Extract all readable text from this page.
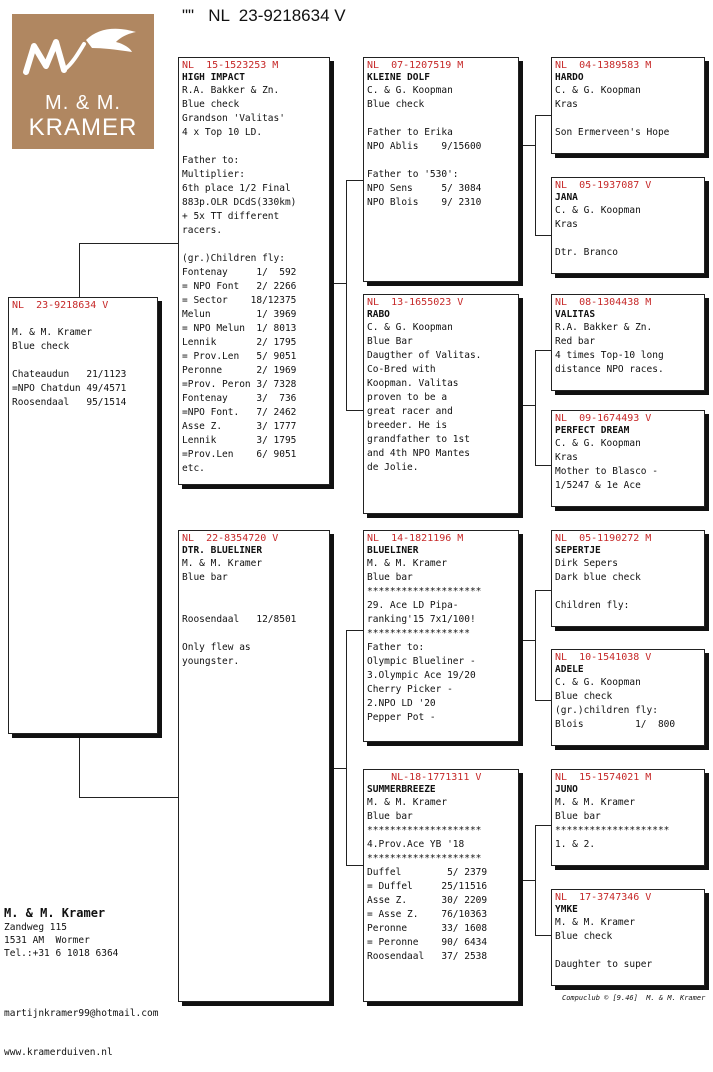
""   NL  23-9218634 V
M. & M.
KRAMER
NL  23-9218634 V
M. & M. Kramer
Blue check
Chateaudun   21/1123
=NPO Chatdun 49/4571
Roosendaal   95/1514
NL  15-1523253 M
HIGH IMPACT
R.A. Bakker & Zn.
Blue check
Grandson 'Valitas'
4 x Top 10 LD.
Father to:
Multiplier:
6th place 1/2 Final
883p.OLR DCdS(330km)
+ 5x TT different
racers.
(gr.)Children fly:
Fontenay     1/  592
= NPO Font   2/ 2266
= Sector    18/12375
Melun        1/ 3969
= NPO Melun  1/ 8013
Lennik       2/ 1795
= Prov.Len   5/ 9051
Peronne      2/ 1969
=Prov. Peron 3/ 7328
Fontenay     3/  736
=NPO Font.   7/ 2462
Asse Z.      3/ 1777
Lennik       3/ 1795
=Prov.Len    6/ 9051
etc.
NL  22-8354720 V
DTR. BLUELINER
M. & M. Kramer
Blue bar
Roosendaal   12/8501
Only flew as
youngster.
NL  07-1207519 M
KLEINE DOLF
C. & G. Koopman
Blue check
Father to Erika
NPO Ablis    9/15600
Father to '530':
NPO Sens     5/ 3084
NPO Blois    9/ 2310
NL  13-1655023 V
RABO
C. & G. Koopman
Blue Bar
Daugther of Valitas.
Co-Bred with
Koopman. Valitas
proven to be a
great racer and
breeder. He is
grandfather to 1st
and 4th NPO Mantes
de Jolie.
NL  14-1821196 M
BLUELINER
M. & M. Kramer
Blue bar
********************
29. Ace LD Pipa-
ranking'15 7x1/100!
******************
Father to:
Olympic Blueliner -
3.Olympic Ace 19/20
Cherry Picker -
2.NPO LD '20
Pepper Pot -
NL-18-1771311 V
SUMMERBREEZE
M. & M. Kramer
Blue bar
********************
4.Prov.Ace YB '18
********************
Duffel        5/ 2379
= Duffel     25/11516
Asse Z.      30/ 2209
= Asse Z.    76/10363
Peronne      33/ 1608
= Peronne    90/ 6434
Roosendaal   37/ 2538
NL  04-1389583 M
HARDO
C. & G. Koopman
Kras
Son Ermerveen's Hope
NL  05-1937087 V
JANA
C. & G. Koopman
Kras
Dtr. Branco
NL  08-1304438 M
VALITAS
R.A. Bakker & Zn.
Red bar
4 times Top-10 long
distance NPO races.
NL  09-1674493 V
PERFECT DREAM
C. & G. Koopman
Kras
Mother to Blasco -
1/5247 & 1e Ace
NL  05-1190272 M
SEPERTJE
Dirk Sepers
Dark blue check
Children fly:
NL  10-1541038 V
ADELE
C. & G. Koopman
Blue check
(gr.)children fly:
Blois         1/  800
NL  15-1574021 M
JUNO
M. & M. Kramer
Blue bar
********************
1. & 2.
NL  17-3747346 V
YMKE
M. & M. Kramer
Blue check
Daughter to super
M. & M. Kramer
Zandweg 115
1531 AM  Wormer
Tel.:+31 6 1018 6364

martijnkramer99@hotmail.com

www.kramerduiven.nl

Compuclub © [9.46]  M. & M. Kramer
